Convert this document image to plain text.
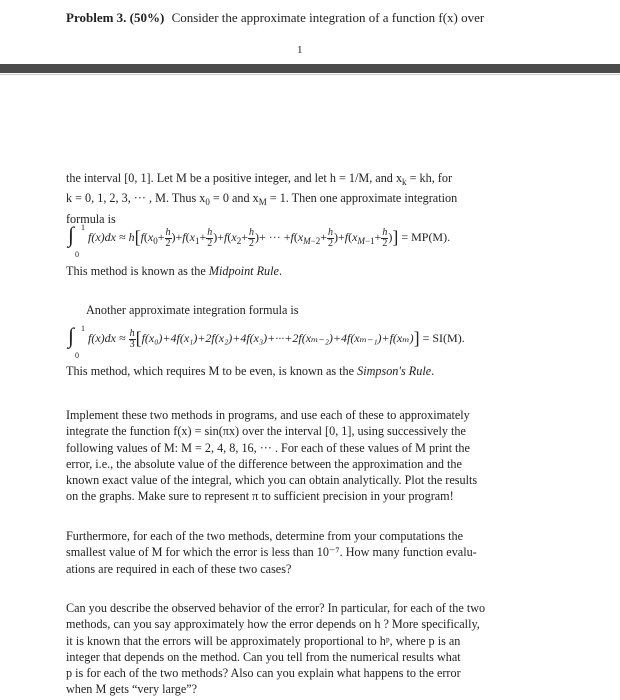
Problem 3. (50%) Consider the approximate integration of a function f(x) over
1

the interval [0, 1]. Let M be a positive integer, and let h = 1/M, and $x_k$ = kh, for

k = 0, 1, 2, 3, ··· , M. Thus $x_0 = 0$ and $x_M = 1$. Then one approximate integration

formula is

∫ 1
0
$f(x)dx \approx h[f(x_0+ \frac{h}{2} )+f(x_1+ \frac{h}{2} )+f(x_2+ \frac{h}{2}$ )+ ··· $+f(x_{M-2}+ \frac{h}{2} )+f(x_{M-1}+ \frac{h}{2}$ )] = MP(M).
This method is known as the Midpoint Rule.
Another approximate integration formula is
∫ 1
0
$f(x)dx \approx \frac{h}{3} [f(x_0)+4f(x_1)+2f(x_2)+4f(x_3)+\cdot\cdot\cdot+2f(x_{m-2})+4f(x_{m-1})+f(x_m)] = SI(M)$.
This method, which requires M to be even, is known as the Simpson's Rule.

Implement these two methods in programs, and use each of these to approximately

integrate the function f(x) = sin(πx) over the interval [0, 1], using successively the

following values of M: M = 2, 4, 8, 16, ··· . For each of these values of M print the

error, i.e., the absolute value of the difference between the approximation and the

known exact value of the integral, which you can obtain analytically. Plot the results

on the graphs. Make sure to represent π to sufficient precision in your program!

Furthermore, for each of the two methods, determine from your computations the

smallest value of M for which the error is less than 10⁻⁷. How many function evalu-

ations are required in each of these two cases?

Can you describe the observed behavior of the error? In particular, for each of the two

methods, can you say approximately how the error depends on h ? More specifically,

it is known that the errors will be approximately proportional to hᵖ, where p is an

integer that depends on the method. Can you tell from the numerical results what

p is for each of the two methods? Also can you explain what happens to the error

when M gets “very large”?
